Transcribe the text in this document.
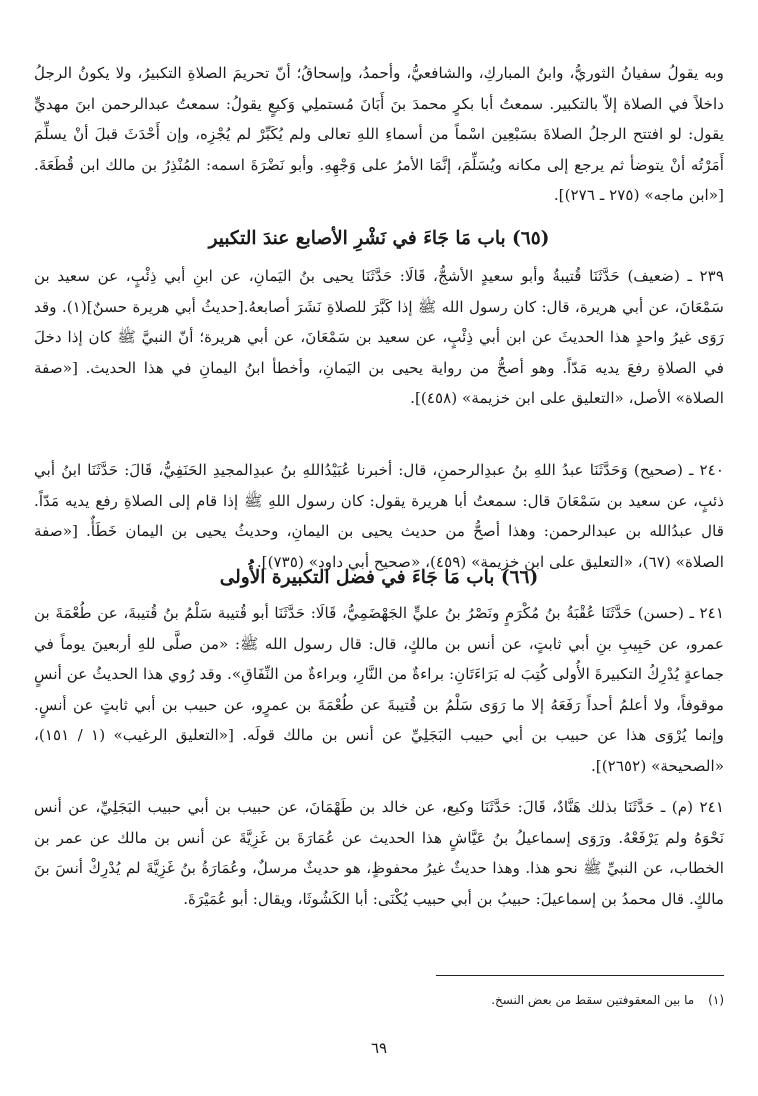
وبه يقولُ سفيانُ الثوريُّ، وابنُ المباركِ، والشافعيُّ، وأحمدُ، وإسحاقُ؛ أنّ تحريمَ الصلاةِ التكبيرُ، ولا يكونُ الرجلُ داخلاً في الصلاة إلاّ بالتكبير. سمعتُ أبا بكرٍ محمدَ بنَ أَبَانَ مُستملِي وَكيعٍ يقولُ: سمعتُ عبدالرحمن ابنَ مهديٍّ يقول: لو افتتح الرجلُ الصلاةَ بسَبْعِين اسْماً من أسماءِ اللهِ تعالى ولم يُكَبِّرْ لم يُجْزِه، وإن أَحْدَثَ قبلَ أنْ يسلِّمَ أَمَرْتُه أنْ يتوضأ ثم يرجع إلى مكانه ويُسَلِّمَ، إنَّمَا الأمرُ على وَجْهِهِ. وأبو نَضْرَةَ اسمه: المُنْذِرُ بن مالك ابن قُطَعَةَ. [«ابن ماجه» (٢٧٥ ـ ٢٧٦)].

(٦٥) باب مَا جَاءَ في نَشْرِ الأصابع عندَ التكبير

٢٣٩ ـ (ضعيف) حَدَّثَنَا قُتيبةُ وأبو سعيدٍ الأشجُّ، قَالَا: حَدَّثَنَا يحيى بنُ اليَمانِ، عن ابنِ أبي ذِئْبٍ، عن سعيد بن سَمْعَانَ، عن أبي هريرة، قال: كان رسول الله ﷺ إذا كَبَّرَ للصلاةِ نَشَرَ أصابعهُ.[حديثُ أبي هريرة حسنٌ](١). وقد رَوَى غيرُ واحدٍ هذا الحديثَ عن ابن أبي ذِئْبٍ، عن سعيد بن سَمْعَانَ، عن أبي هريرة؛ أنّ النبيَّ ﷺ كان إذا دخلَ في الصلاةِ رفعَ يديه مَدّاً. وهو أصحُّ من رواية يحيى بن اليَمانِ، وأخطأ ابنُ اليمانِ في هذا الحديث. [«صفة الصلاة» الأصل، «التعليق على ابن خزيمة» (٤٥٨)].

٢٤٠ ـ (صحيح) وَحَدَّثَنَا عبدُ اللهِ بنُ عبدِالرحمنِ، قال: أخبرنا عُبَيْدُاللهِ بنُ عبدِالمجيدِ الحَنَفِيُّ، قَالَ: حَدَّثَنَا ابنُ أبي ذئبٍ، عن سعيد بن سَمْعَانَ قال: سمعتُ أبا هريرة يقول: كان رسول اللهِ ﷺ إذا قام إلى الصلاةِ رفع يديه مَدّاً. قال عبدُالله بن عبدالرحمن: وهذا أصحُّ من حديث يحيى بن اليمانِ، وحديثُ يحيى بن اليمان خَطَأٌ. [«صفة الصلاة» (٦٧)، «التعليق على ابن خزيمة» (٤٥٩)، «صحيح أبي داود» (٧٣٥)].

(٦٦) باب مَا جَاءَ في فضل التكبيرة الأُولى

٢٤١ ـ (حسن) حَدَّثَنَا عُقْبَةُ بنُ مُكْرَمٍ ونَصْرُ بنُ عليٍّ الجَهْضَمِيُّ، قَالَا: حَدَّثَنَا أبو قُتيبة سَلْمُ بنُ قُتيبةَ، عن طُعْمَةَ بن عمرو، عن حَبِيبِ بنِ أبي ثابتٍ، عن أنس بن مالكٍ، قال: قال رسول الله ﷺ: «من صلَّى للهِ أربعينَ يوماً في جماعةٍ يُدْرِكُ التكبيرةَ الأُولى كُتِبَ له بَرَاءَتَانِ: براءةٌ من النَّارِ، وبراءةٌ من النِّفَاقِ». وقد رُوي هذا الحديثُ عن أنسٍ موقوفاً، ولا أعلمُ أحداً رَفَعَهُ إلا ما رَوَى سَلْمُ بن قُتيبةَ عن طُعْمَةَ بن عمرٍو، عن حبيب بن أبي ثابتٍ عن أنسٍ. وإنما يُرْوَى هذا عن حبيب بن أبي حبيب البَجَلِيِّ عن أنس بن مالك قولَه. [«التعليق الرغيب» (١ / ١٥١)، «الصحيحة» (٢٦٥٢)].

٢٤١ (م) ـ حَدَّثَنَا بذلك هَنَّادٌ، قَالَ: حَدَّثَنَا وكيع، عن خالد بن طَهْمَانَ، عن حبيب بن أبي حبيب البَجَلِيِّ، عن أنس نَحْوَهُ ولم يَرْفَعْهُ. ورَوَى إسماعيلُ بنُ عَيَّاشٍ هذا الحديث عن عُمَارَةَ بن غَزِيَّةَ عن أنس بن مالك عن عمر بن الخطاب، عن النبيِّ ﷺ نحو هذا. وهذا حديثٌ غيرُ محفوظٍ، هو حديثٌ مرسلٌ، وعُمَارَةُ بنُ غَزِيَّةَ لم يُدْرِكْ أنسَ بنَ مالكٍ. قال محمدُ بن إسماعيلَ: حبيبُ بن أبي حبيب يُكْنَى: أبا الكَشُوثَا، ويقال: أبو عُمَيْرَةَ.

(١)ما بين المعقوفتين سقط من بعض النسخ.

٦٩
